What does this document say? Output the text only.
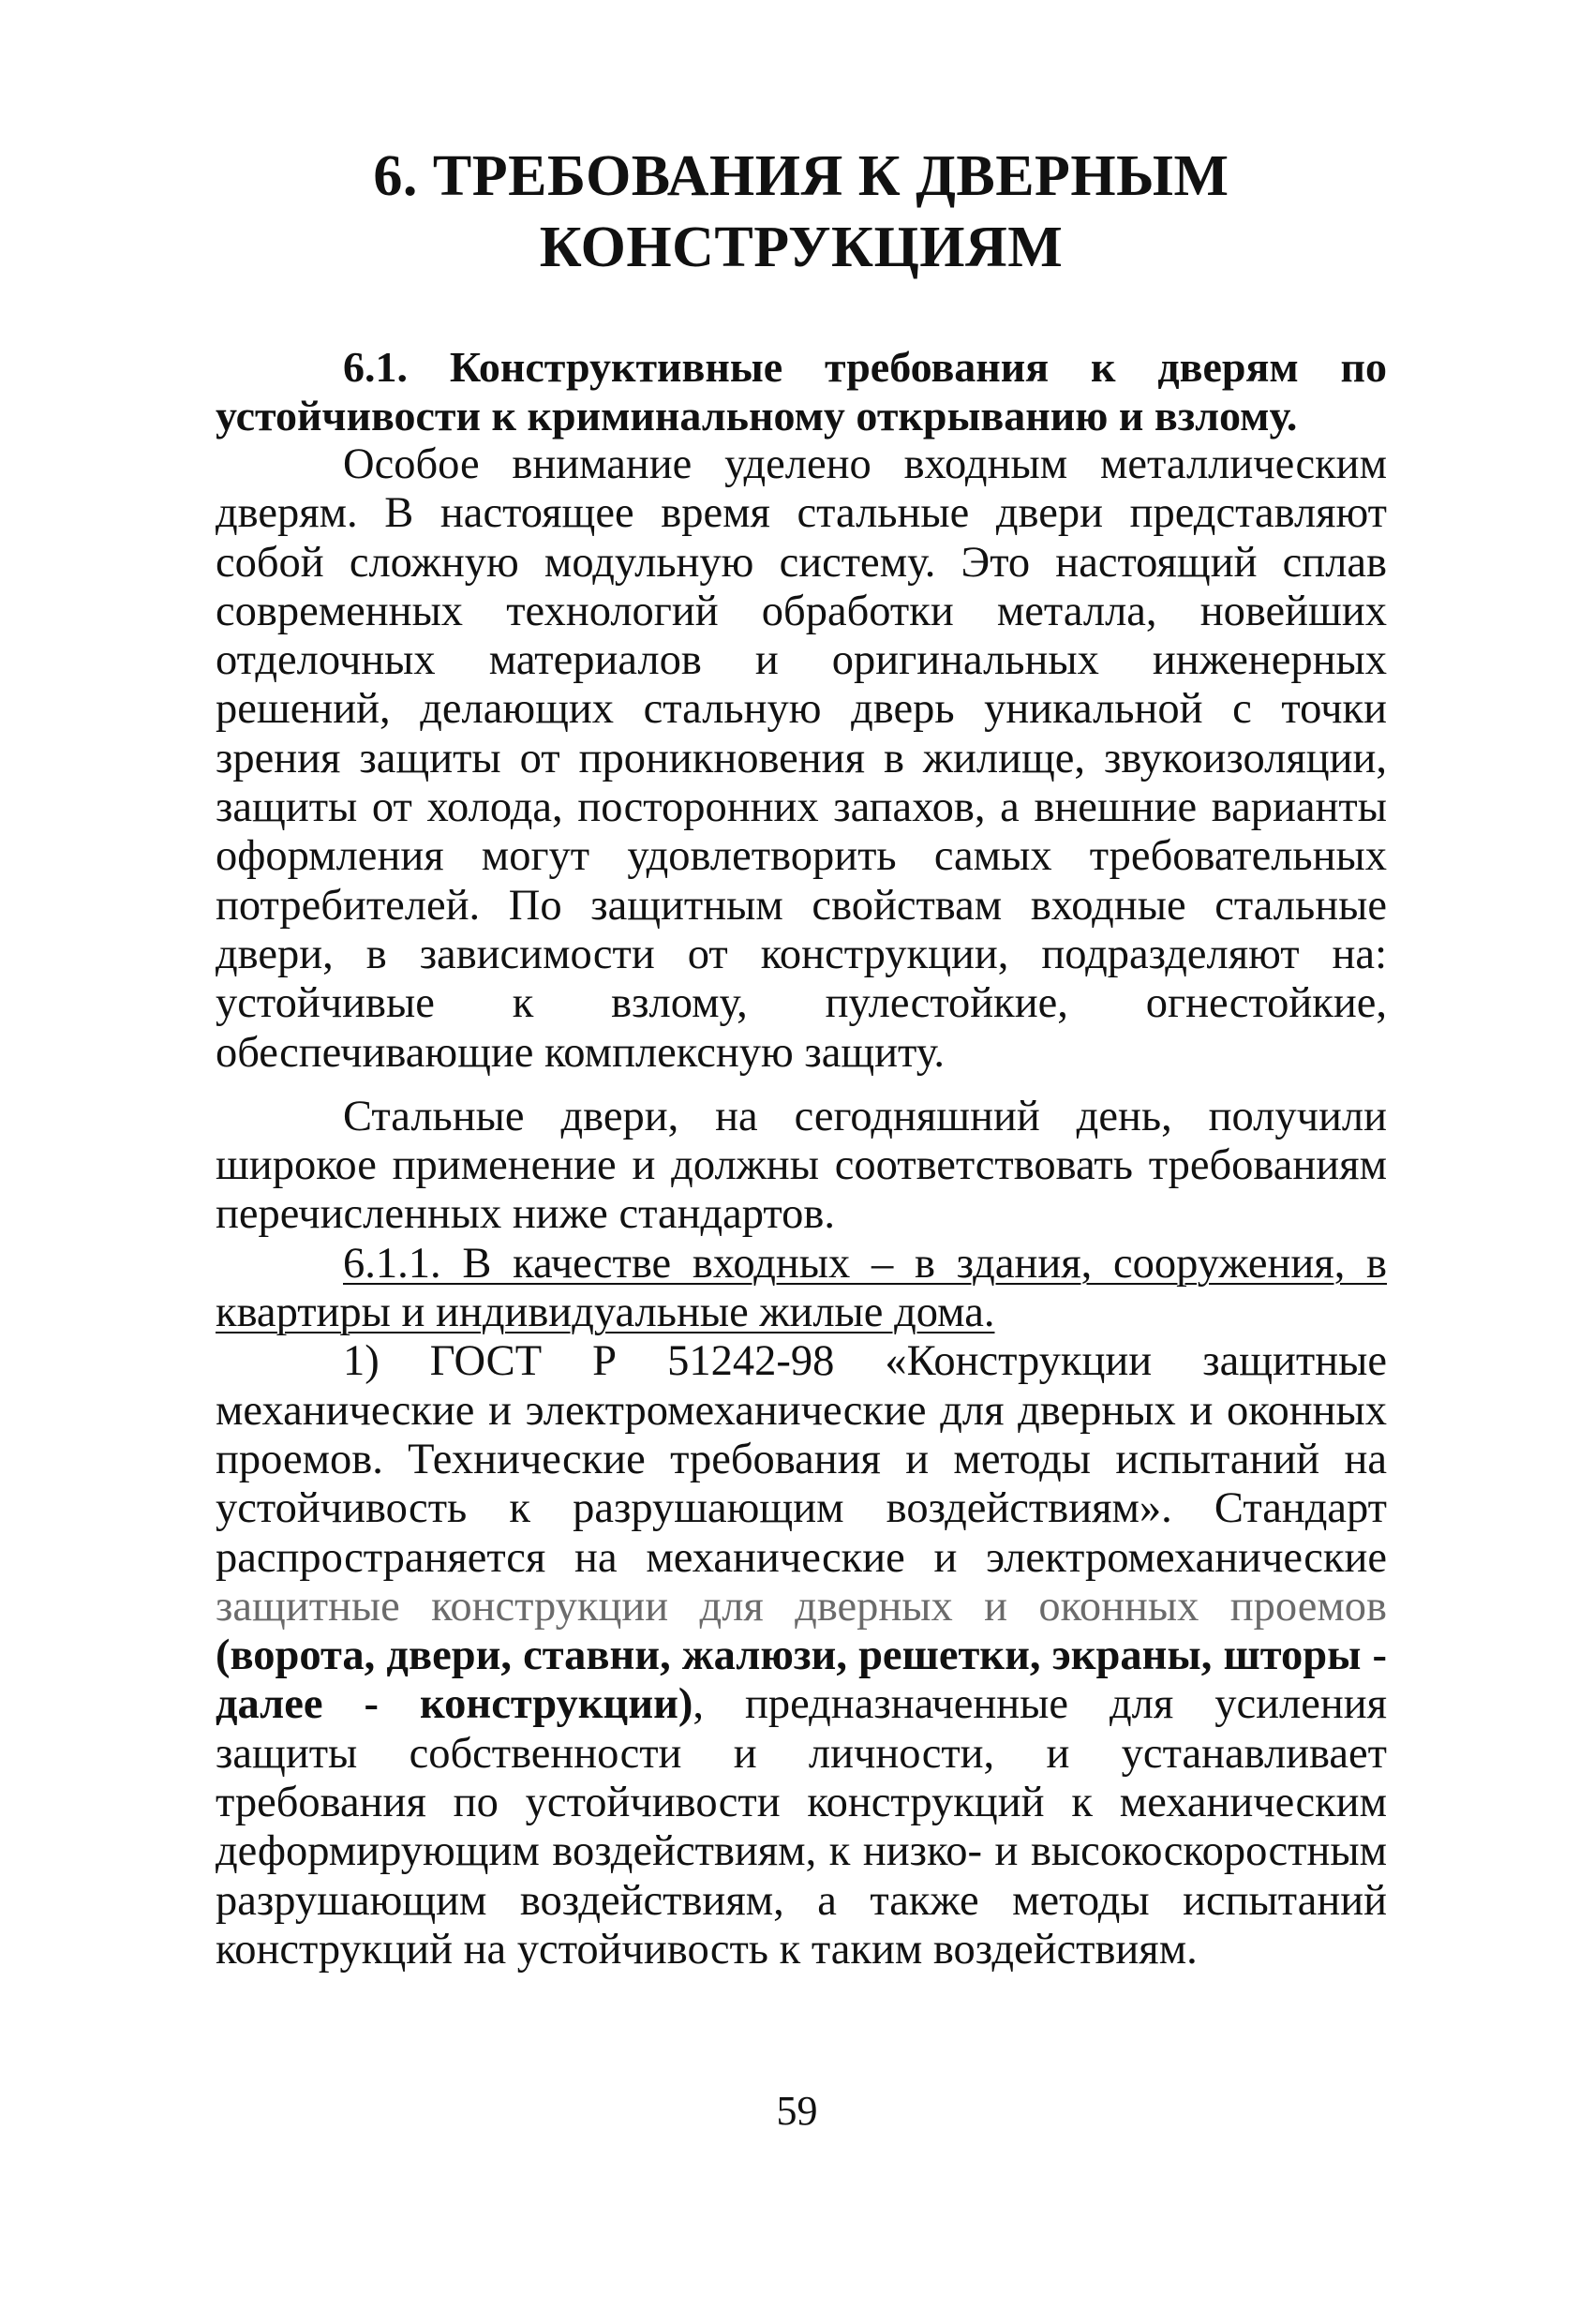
6. ТРЕБОВАНИЯ К ДВЕРНЫМ
КОНСТРУКЦИЯМ
6.1. Конструктивные требования к дверям по устойчивости к криминальному открыванию и взлому.

Особое внимание уделено входным металлическим дверям. В настоящее время стальные двери представляют собой сложную модульную систему. Это настоящий сплав современных технологий обработки металла, новейших отделочных материалов и оригинальных инженерных решений, делающих стальную дверь уникальной с точки зрения защиты от проникновения в жилище, звукоизоляции, защиты от холода, посторонних запахов, а внешние варианты оформления могут удовлетворить самых требовательных потребителей. По защитным свойствам входные стальные двери, в зависимости от конструкции, подразделяют на: устойчивые к взлому, пулестойкие, огнестойкие, обеспечивающие комплексную защиту.

Стальные двери, на сегодняшний день, получили широкое применение и должны соответствовать требованиям перечисленных ниже стандартов.

6.1.1. В качестве входных – в здания, сооружения, в квартиры и индивидуальные жилые дома.

1) ГОСТ Р 51242-98 «Конструкции защитные механические и электромеханические для дверных и оконных проемов. Технические требования и методы испытаний на устойчивость к разрушающим воздействиям». Стандарт распространяется на механические и электромеханические защитные конструкции для дверных и оконных проемов (ворота, двери, ставни, жалюзи, решетки, экраны, шторы - далее - конструкции), предназначенные для усиления защиты собственности и личности, и устанавливает требования по устойчивости конструкций к механическим деформирующим воздействиям, к низко- и высокоскоростным разрушающим воздействиям, а также методы испытаний конструкций на устойчивость к таким воздействиям.

59
